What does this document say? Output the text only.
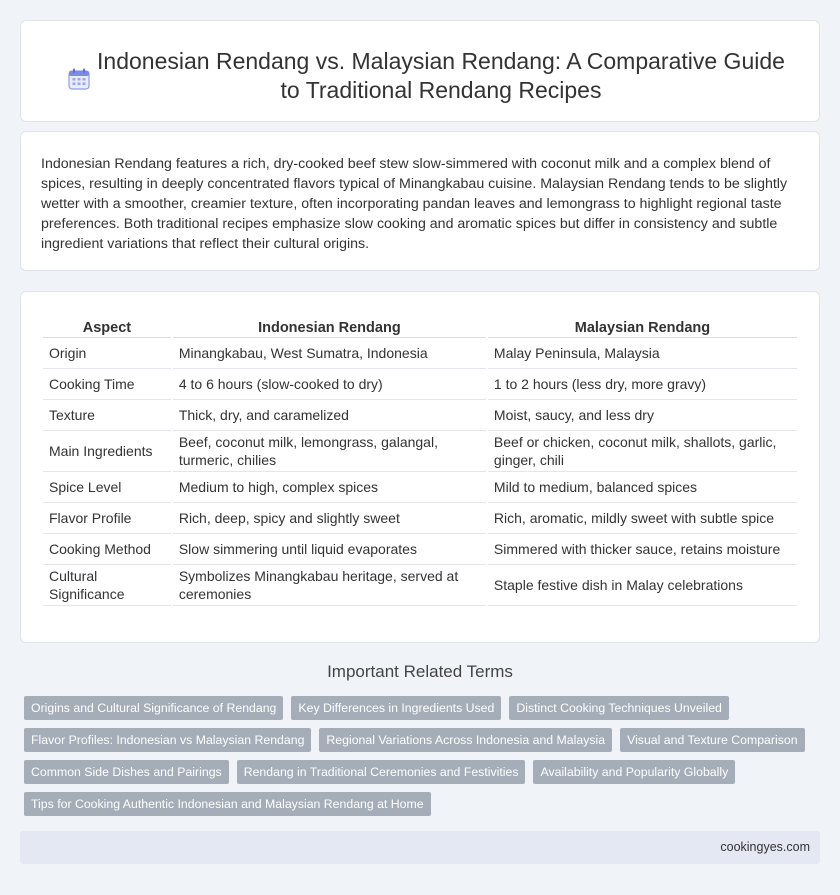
Indonesian Rendang vs. Malaysian Rendang: A Comparative Guide to Traditional Rendang Recipes

Indonesian Rendang features a rich, dry-cooked beef stew slow-simmered with coconut milk and a complex blend of spices, resulting in deeply concentrated flavors typical of Minangkabau cuisine. Malaysian Rendang tends to be slightly wetter with a smoother, creamier texture, often incorporating pandan leaves and lemongrass to highlight regional taste preferences. Both traditional recipes emphasize slow cooking and aromatic spices but differ in consistency and subtle ingredient variations that reflect their cultural origins.

Aspect	Indonesian Rendang	Malaysian Rendang
Origin	Minangkabau, West Sumatra, Indonesia	Malay Peninsula, Malaysia
Cooking Time	4 to 6 hours (slow-cooked to dry)	1 to 2 hours (less dry, more gravy)
Texture	Thick, dry, and caramelized	Moist, saucy, and less dry
Main Ingredients	Beef, coconut milk, lemongrass, galangal, turmeric, chilies	Beef or chicken, coconut milk, shallots, garlic, ginger, chili
Spice Level	Medium to high, complex spices	Mild to medium, balanced spices
Flavor Profile	Rich, deep, spicy and slightly sweet	Rich, aromatic, mildly sweet with subtle spice
Cooking Method	Slow simmering until liquid evaporates	Simmered with thicker sauce, retains moisture
Cultural Significance	Symbolizes Minangkabau heritage, served at ceremonies	Staple festive dish in Malay celebrations
Important Related Terms
Origins and Cultural Significance of Rendang	Key Differences in Ingredients Used	Distinct Cooking Techniques Unveiled
Flavor Profiles: Indonesian vs Malaysian Rendang	Regional Variations Across Indonesia and Malaysia	Visual and Texture Comparison
Common Side Dishes and Pairings	Rendang in Traditional Ceremonies and Festivities	Availability and Popularity Globally
Tips for Cooking Authentic Indonesian and Malaysian Rendang at Home
cookingyes.com
